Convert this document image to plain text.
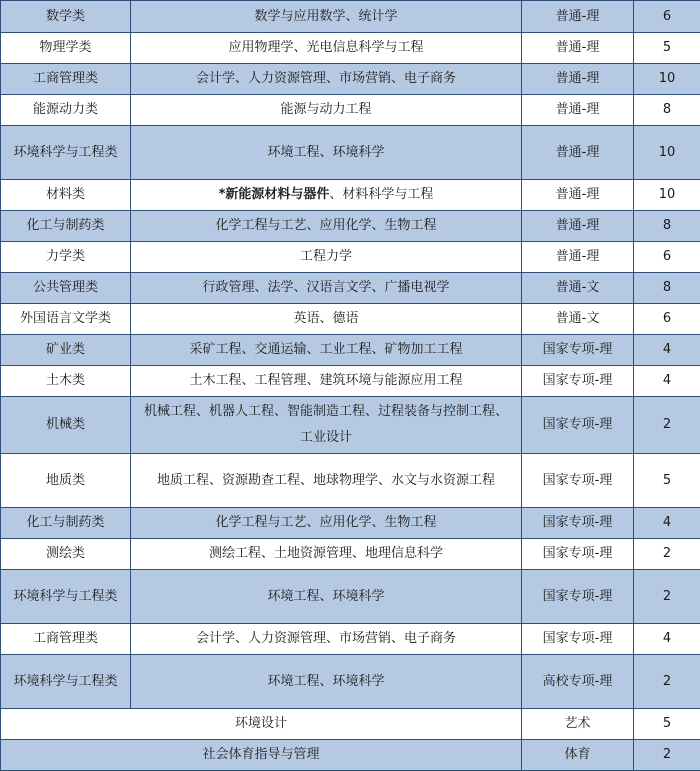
数学类	数学与应用数学、统计学	普通-理	6
物理学类	应用物理学、光电信息科学与工程	普通-理	5
工商管理类	会计学、人力资源管理、市场营销、电子商务	普通-理	10
能源动力类	能源与动力工程	普通-理	8
环境科学与工程类	环境工程、环境科学	普通-理	10
材料类	*新能源材料与器件、材料科学与工程	普通-理	10
化工与制药类	化学工程与工艺、应用化学、生物工程	普通-理	8
力学类	工程力学	普通-理	6
公共管理类	行政管理、法学、汉语言文学、广播电视学	普通-文	8
外国语言文学类	英语、德语	普通-文	6
矿业类	采矿工程、交通运输、工业工程、矿物加工工程	国家专项-理	4
土木类	土木工程、工程管理、建筑环境与能源应用工程	国家专项-理	4
机械类	机械工程、机器人工程、智能制造工程、过程装备与控制工程、工业设计	国家专项-理	2
地质类	地质工程、资源勘查工程、地球物理学、水文与水资源工程	国家专项-理	5
化工与制药类	化学工程与工艺、应用化学、生物工程	国家专项-理	4
测绘类	测绘工程、土地资源管理、地理信息科学	国家专项-理	2
环境科学与工程类	环境工程、环境科学	国家专项-理	2
工商管理类	会计学、人力资源管理、市场营销、电子商务	国家专项-理	4
环境科学与工程类	环境工程、环境科学	高校专项-理	2
环境设计		艺术	5
社会体育指导与管理		体育	2
